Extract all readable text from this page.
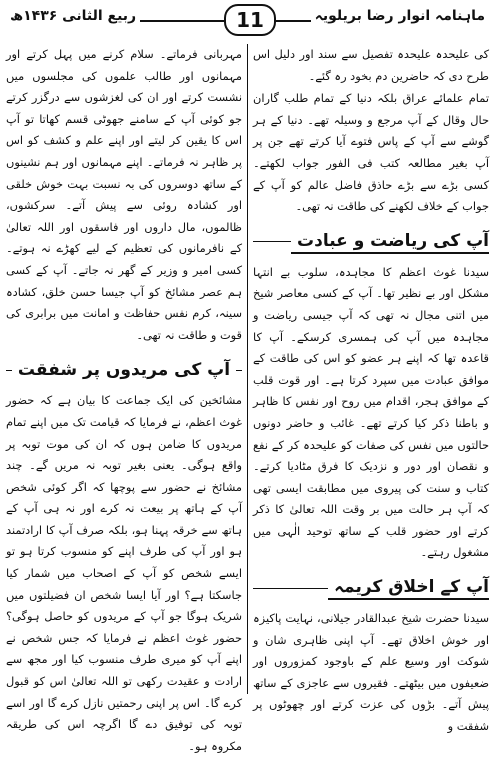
ربیع الثانی ۱۴۳۶ھ	11	ماہنامہ انوار رضا بریلویہ

کی علیحدہ علیحدہ تفصیل سے سند اور دلیل اس طرح دی کہ حاضرین دم بخود رہ گئے۔

تمام علمائے عراق بلکہ دنیا کے تمام طلب گاران حال وقال کے آپ مرجع و وسیلہ تھے۔ دنیا کے ہر گوشے سے آپ کے پاس فتوے آیا کرتے تھے جن پر آپ بغیر مطالعہ کتب فی الفور جواب لکھتے۔ کسی بڑے سے بڑے حاذق فاضل عالم کو آپ کے جواب کے خلاف لکھنے کی طاقت نہ تھی۔

آپ کی ریاضت و عبادت

سیدنا غوث اعظم کا مجاہدہ، سلوب بے انتہا مشکل اور بے نظیر تھا۔ آپ کے کسی معاصر شیخ میں اتنی مجال نہ تھی کہ آپ جیسی ریاضت و مجاہدہ میں آپ کی ہمسری کرسکے۔ آپ کا قاعدہ تھا کہ اپنے ہر عضو کو اس کی طاقت کے موافق عبادت میں سپرد کرتا ہے۔ اور قوت قلب کے موافق ہجر، اقدام میں روح اور نفس کا ظاہر و باطنا ذکر کیا کرتے تھے۔ غائب و حاضر دونوں حالتوں میں نفس کی صفات کو علیحدہ کر کے نفع و نقصان اور دور و نزدیک کا فرق مٹادیا کرتے۔ کتاب و سنت کی پیروی میں مطابقت ایسی تھی کہ آپ ہر حالت میں بر وقت اللہ تعالیٰ کا ذکر کرتے اور حضور قلب کے ساتھ توحید الٰہی میں مشغول رہتے۔

آپ کے اخلاق کریمہ

سیدنا حضرت شیخ عبدالقادر جیلانی، نہایت پاکیزہ اور خوش اخلاق تھے۔ آپ اپنی ظاہری شان و شوکت اور وسیع علم کے باوجود کمزوروں اور ضعیفوں میں بیٹھتے۔ فقیروں سے عاجزی کے ساتھ پیش آتے۔ بڑوں کی عزت کرتے اور چھوٹوں پر شفقت و

مہربانی فرماتے۔ سلام کرنے میں پہل کرتے اور مہمانوں اور طالب علموں کی مجلسوں میں نشست کرتے اور ان کی لغزشوں سے درگزر کرتے جو کوئی آپ کے سامنے جھوٹی قسم کھاتا تو آپ اس کا یقین کر لیتے اور اپنے علم و کشف کو اس پر ظاہر نہ فرماتے۔ اپنے مہمانوں اور ہم نشینوں کے ساتھ دوسروں کی بہ نسبت بہت خوش خلقی اور کشادہ روئی سے پیش آتے۔ سرکشوں، ظالموں، مال داروں اور فاسقوں اور اللہ تعالیٰ کے نافرمانوں کی تعظیم کے لیے کھڑے نہ ہوتے۔ کسی امیر و وزیر کے گھر نہ جاتے۔ آپ کے کسی ہم عصر مشائخ کو آپ جیسا حسن خلق، کشادہ سینہ، کرم نفس حفاظت و امانت میں برابری کی قوت و طاقت نہ تھی۔

آپ کی مریدوں پر شفقت

مشائخین کی ایک جماعت کا بیان ہے کہ حضور غوث اعظم، نے فرمایا کہ قیامت تک میں اپنے تمام مریدوں کا ضامن ہوں کہ ان کی موت توبہ پر واقع ہوگی۔ یعنی بغیر توبہ نہ مریں گے۔ چند مشائخ نے حضور سے پوچھا کہ اگر کوئی شخص آپ کے ہاتھ پر بیعت نہ کرے اور نہ ہی آپ کے ہاتھ سے خرقہ پہنا ہو، بلکہ صرف آپ کا ارادتمند ہو اور آپ کی طرف اپنے کو منسوب کرتا ہو تو ایسے شخص کو آپ کے اصحاب میں شمار کیا جاسکتا ہے؟ اور آیا ایسا شخص ان فضیلتوں میں شریک ہوگا جو آپ کے مریدوں کو حاصل ہوگی؟ حضور غوث اعظم نے فرمایا کہ جس شخص نے اپنے آپ کو میری طرف منسوب کیا اور مجھ سے ارادت و عقیدت رکھی تو اللہ تعالیٰ اس کو قبول کرے گا۔ اس پر اپنی رحمتیں نازل کرے گا اور اسے توبہ کی توفیق دے گا اگرچہ اس کی طریقہ مکروہ ہو۔
